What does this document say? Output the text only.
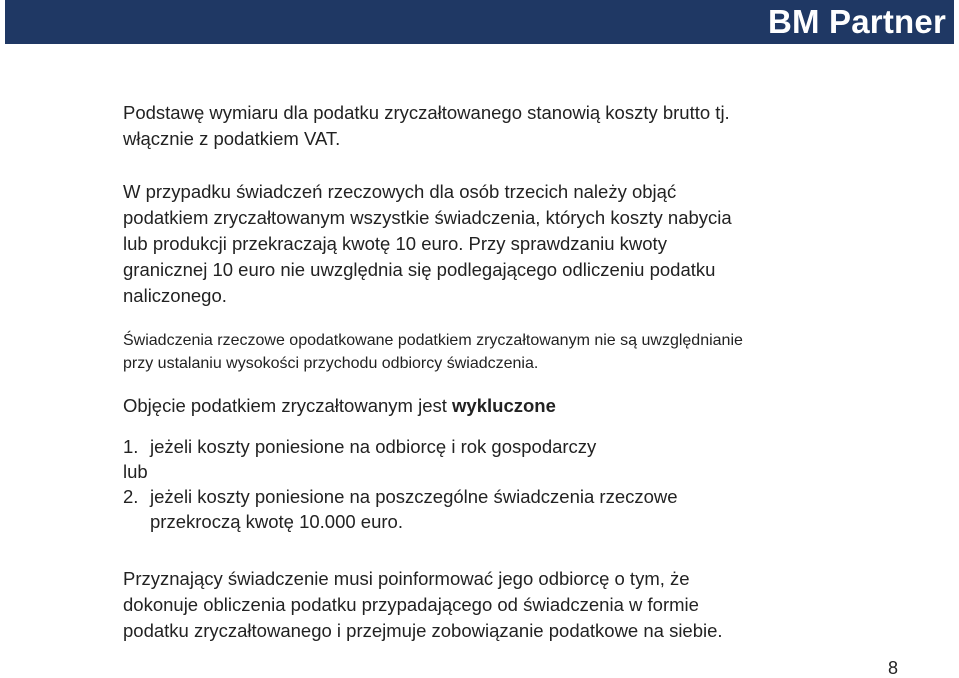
BM Partner
Podstawę wymiaru dla podatku zryczałtowanego stanowią koszty brutto tj.
włącznie z podatkiem VAT.
W przypadku świadczeń rzeczowych dla osób trzecich należy objąć
podatkiem zryczałtowanym wszystkie świadczenia, których koszty nabycia
lub produkcji przekraczają kwotę 10 euro. Przy sprawdzaniu kwoty
granicznej 10 euro nie uwzględnia się podlegającego odliczeniu podatku
naliczonego.
Świadczenia rzeczowe opodatkowane podatkiem zryczałtowanym nie są uwzględnianie
przy ustalaniu wysokości przychodu odbiorcy świadczenia.
Objęcie podatkiem zryczałtowanym jest wykluczone
1. jeżeli koszty poniesione na odbiorcę i rok gospodarczy
lub
2. jeżeli koszty poniesione na poszczególne świadczenia rzeczowe
przekroczą kwotę 10.000 euro.
Przyznający świadczenie musi poinformować jego odbiorcę o tym, że
dokonuje obliczenia podatku przypadającego od świadczenia w formie
podatku zryczałtowanego i przejmuje zobowiązanie podatkowe na siebie.
8
